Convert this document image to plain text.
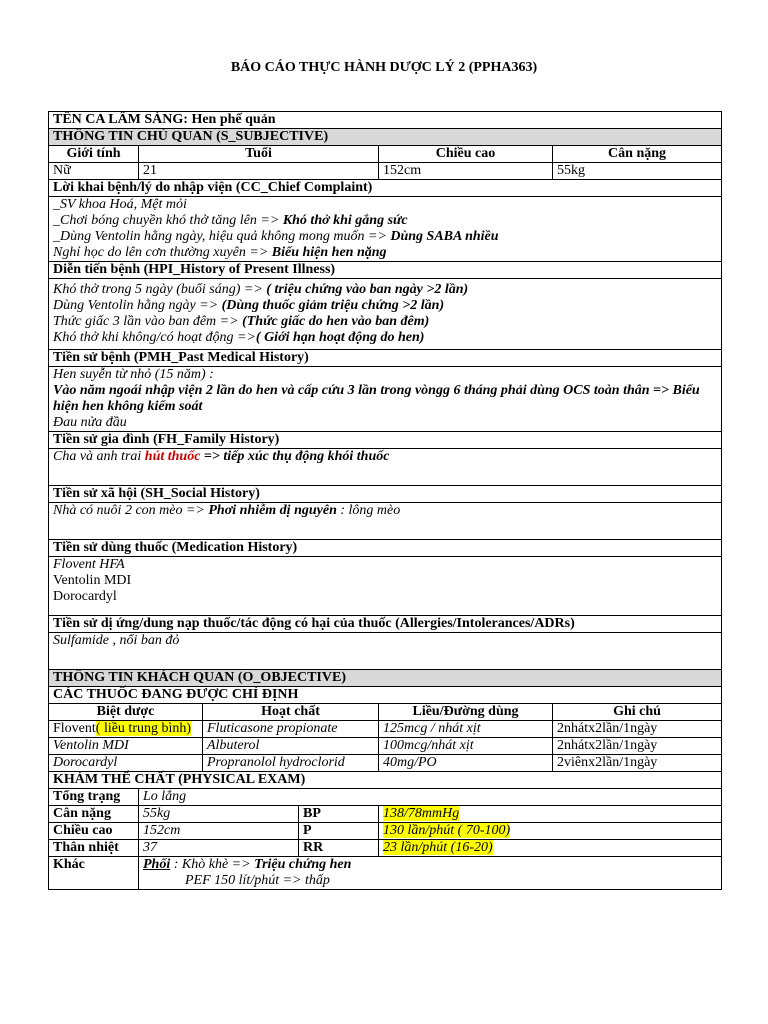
BÁO CÁO THỰC HÀNH DƯỢC LÝ 2 (PPHA363)
TÊN CA LÂM SÀNG: Hen phế quản					
THÔNG TIN CHỦ QUAN (S_SUBJECTIVE)					
Giới tính	Tuổi			Chiều cao	Cân nặng
Nữ	21			152cm	55kg
Lời khai bệnh/lý do nhập viện (CC_Chief Complaint)					

_SV khoa Hoá, Mệt mỏi
_Chơi bóng chuyền khó thở tăng lên => Khó thở khi gắng sức
_Dùng Ventolin hằng ngày, hiệu quả không mong muốn => Dùng SABA nhiều
Nghỉ học do lên cơn thường xuyên => Biểu hiện hen nặng					

Diễn tiến bệnh (HPI_History of Present Illness)					

Khó thở trong 5 ngày (buổi sáng) => ( triệu chứng vào ban ngày >2 lần)
Dùng Ventolin hằng ngày => (Dùng thuốc giảm triệu chứng >2 lần)
Thức giấc 3 lần vào ban đêm => (Thức giấc do hen vào ban đêm)
Khó thở khi không/có hoạt động =>( Giới hạn hoạt động do hen)					

Tiền sử bệnh (PMH_Past Medical History)					

Hen suyễn từ nhỏ (15 năm) :
Vào năm ngoái nhập viện 2 lần do hen và cấp cứu 3 lần trong vòngg 6 tháng phải dùng OCS toàn thân => Biểu hiện hen không kiểm soát
Đau nửa đầu					

Tiền sử gia đình (FH_Family History)					

Cha và anh trai hút thuốc => tiếp xúc thụ động khói thuốc					

Tiền sử xã hội (SH_Social History)					

Nhà có nuôi 2 con mèo => Phơi nhiễm dị nguyên : lông mèo					

Tiền sử dùng thuốc (Medication History)					

Flovent HFA
Ventolin MDI
Dorocardyl					

Tiền sử dị ứng/dung nạp thuốc/tác động có hại của thuốc (Allergies/Intolerances/ADRs)					

Sulfamide , nổi ban đỏ					

THÔNG TIN KHÁCH QUAN (O_OBJECTIVE)					
CÁC THUỐC ĐANG ĐƯỢC CHỈ ĐỊNH					
Biệt dược		Hoạt chất		Liều/Đường dùng	Ghi chú
Flovent( liều trung bình)		Fluticasone propionate		125mcg / nhát xịt	2nhátx2lần/1ngày
Ventolin MDI		Albuterol		100mcg/nhát xịt	2nhátx2lần/1ngày
Dorocardyl		Propranolol hydroclorid		40mg/PO	2viênx2lần/1ngày
KHÁM THỂ CHẤT (PHYSICAL EXAM)					
Tổng trạng	Lo lắng				
Cân nặng	55kg		BP	138/78mmHg	
Chiều cao	152cm		P	130 lần/phút ( 70-100)	
Thân nhiệt	37		RR	23 lần/phút (16-20)	
Khác	Phổi : Khò khè => Triệu chứng hen
PEF 150 lít/phút => thấp				
